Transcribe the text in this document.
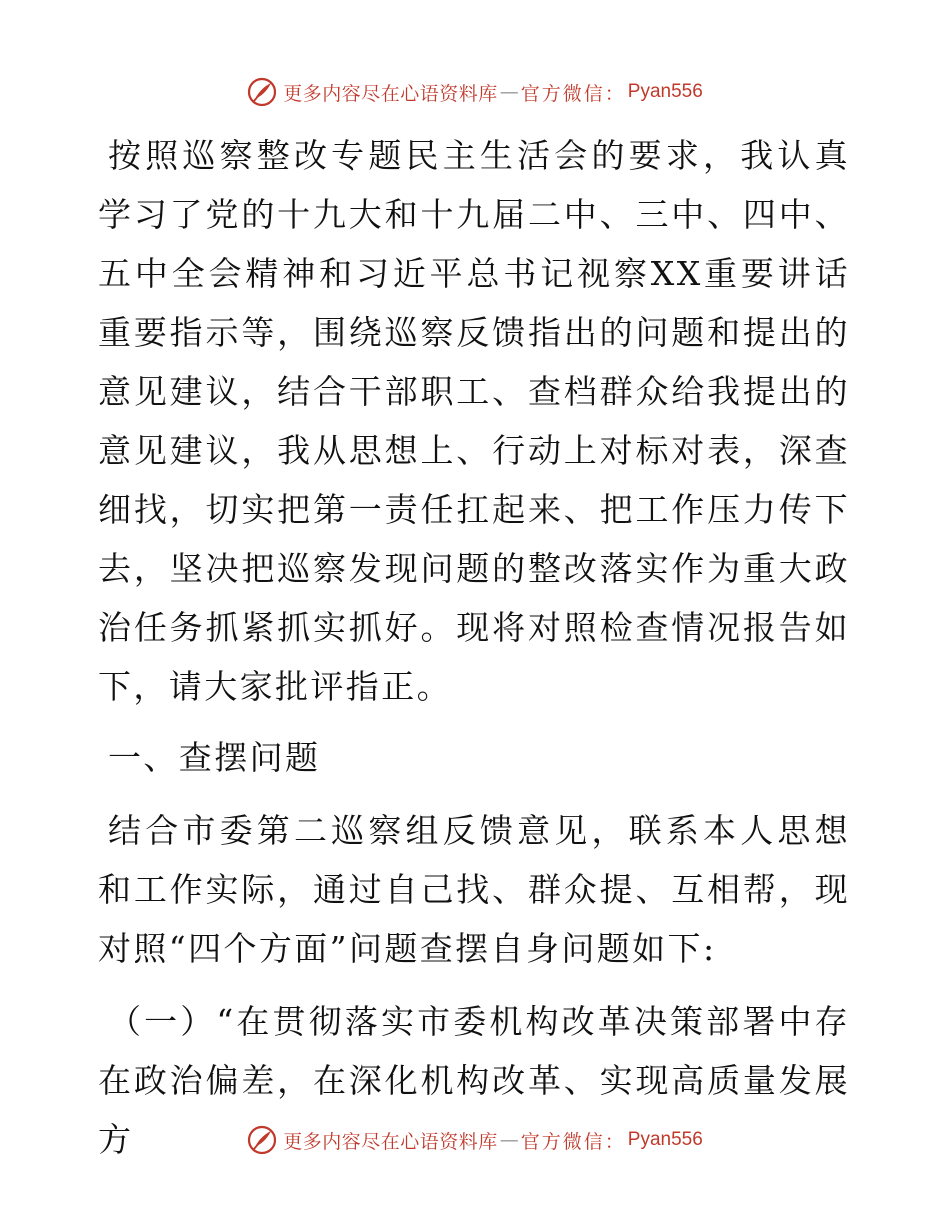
更多内容尽在心语资料库 — 官方微信 ： Pyan556

按照巡察整改专题民主生活会的要求，我认真学习了党的十九大和十九届二中、三中、四中、五中全会精神和习近平总书记视察XX重要讲话重要指示等，围绕巡察反馈指出的问题和提出的意见建议，结合干部职工、查档群众给我提出的意见建议，我从思想上、行动上对标对表，深查细找，切实把第一责任扛起来、把工作压力传下去，坚决把巡察发现问题的整改落实作为重大政治任务抓紧抓实抓好。现将对照检查情况报告如下，请大家批评指正。

一、查摆问题

结合市委第二巡察组反馈意见，联系本人思想和工作实际，通过自己找、群众提、互相帮，现对照“四个方面”问题查摆自身问题如下:

（一）“在贯彻落实市委机构改革决策部署中存在政治偏差，在深化机构改革、实现高质量发展方	更多内容尽在心语资料库 — 官方微信 ： Pyan556
